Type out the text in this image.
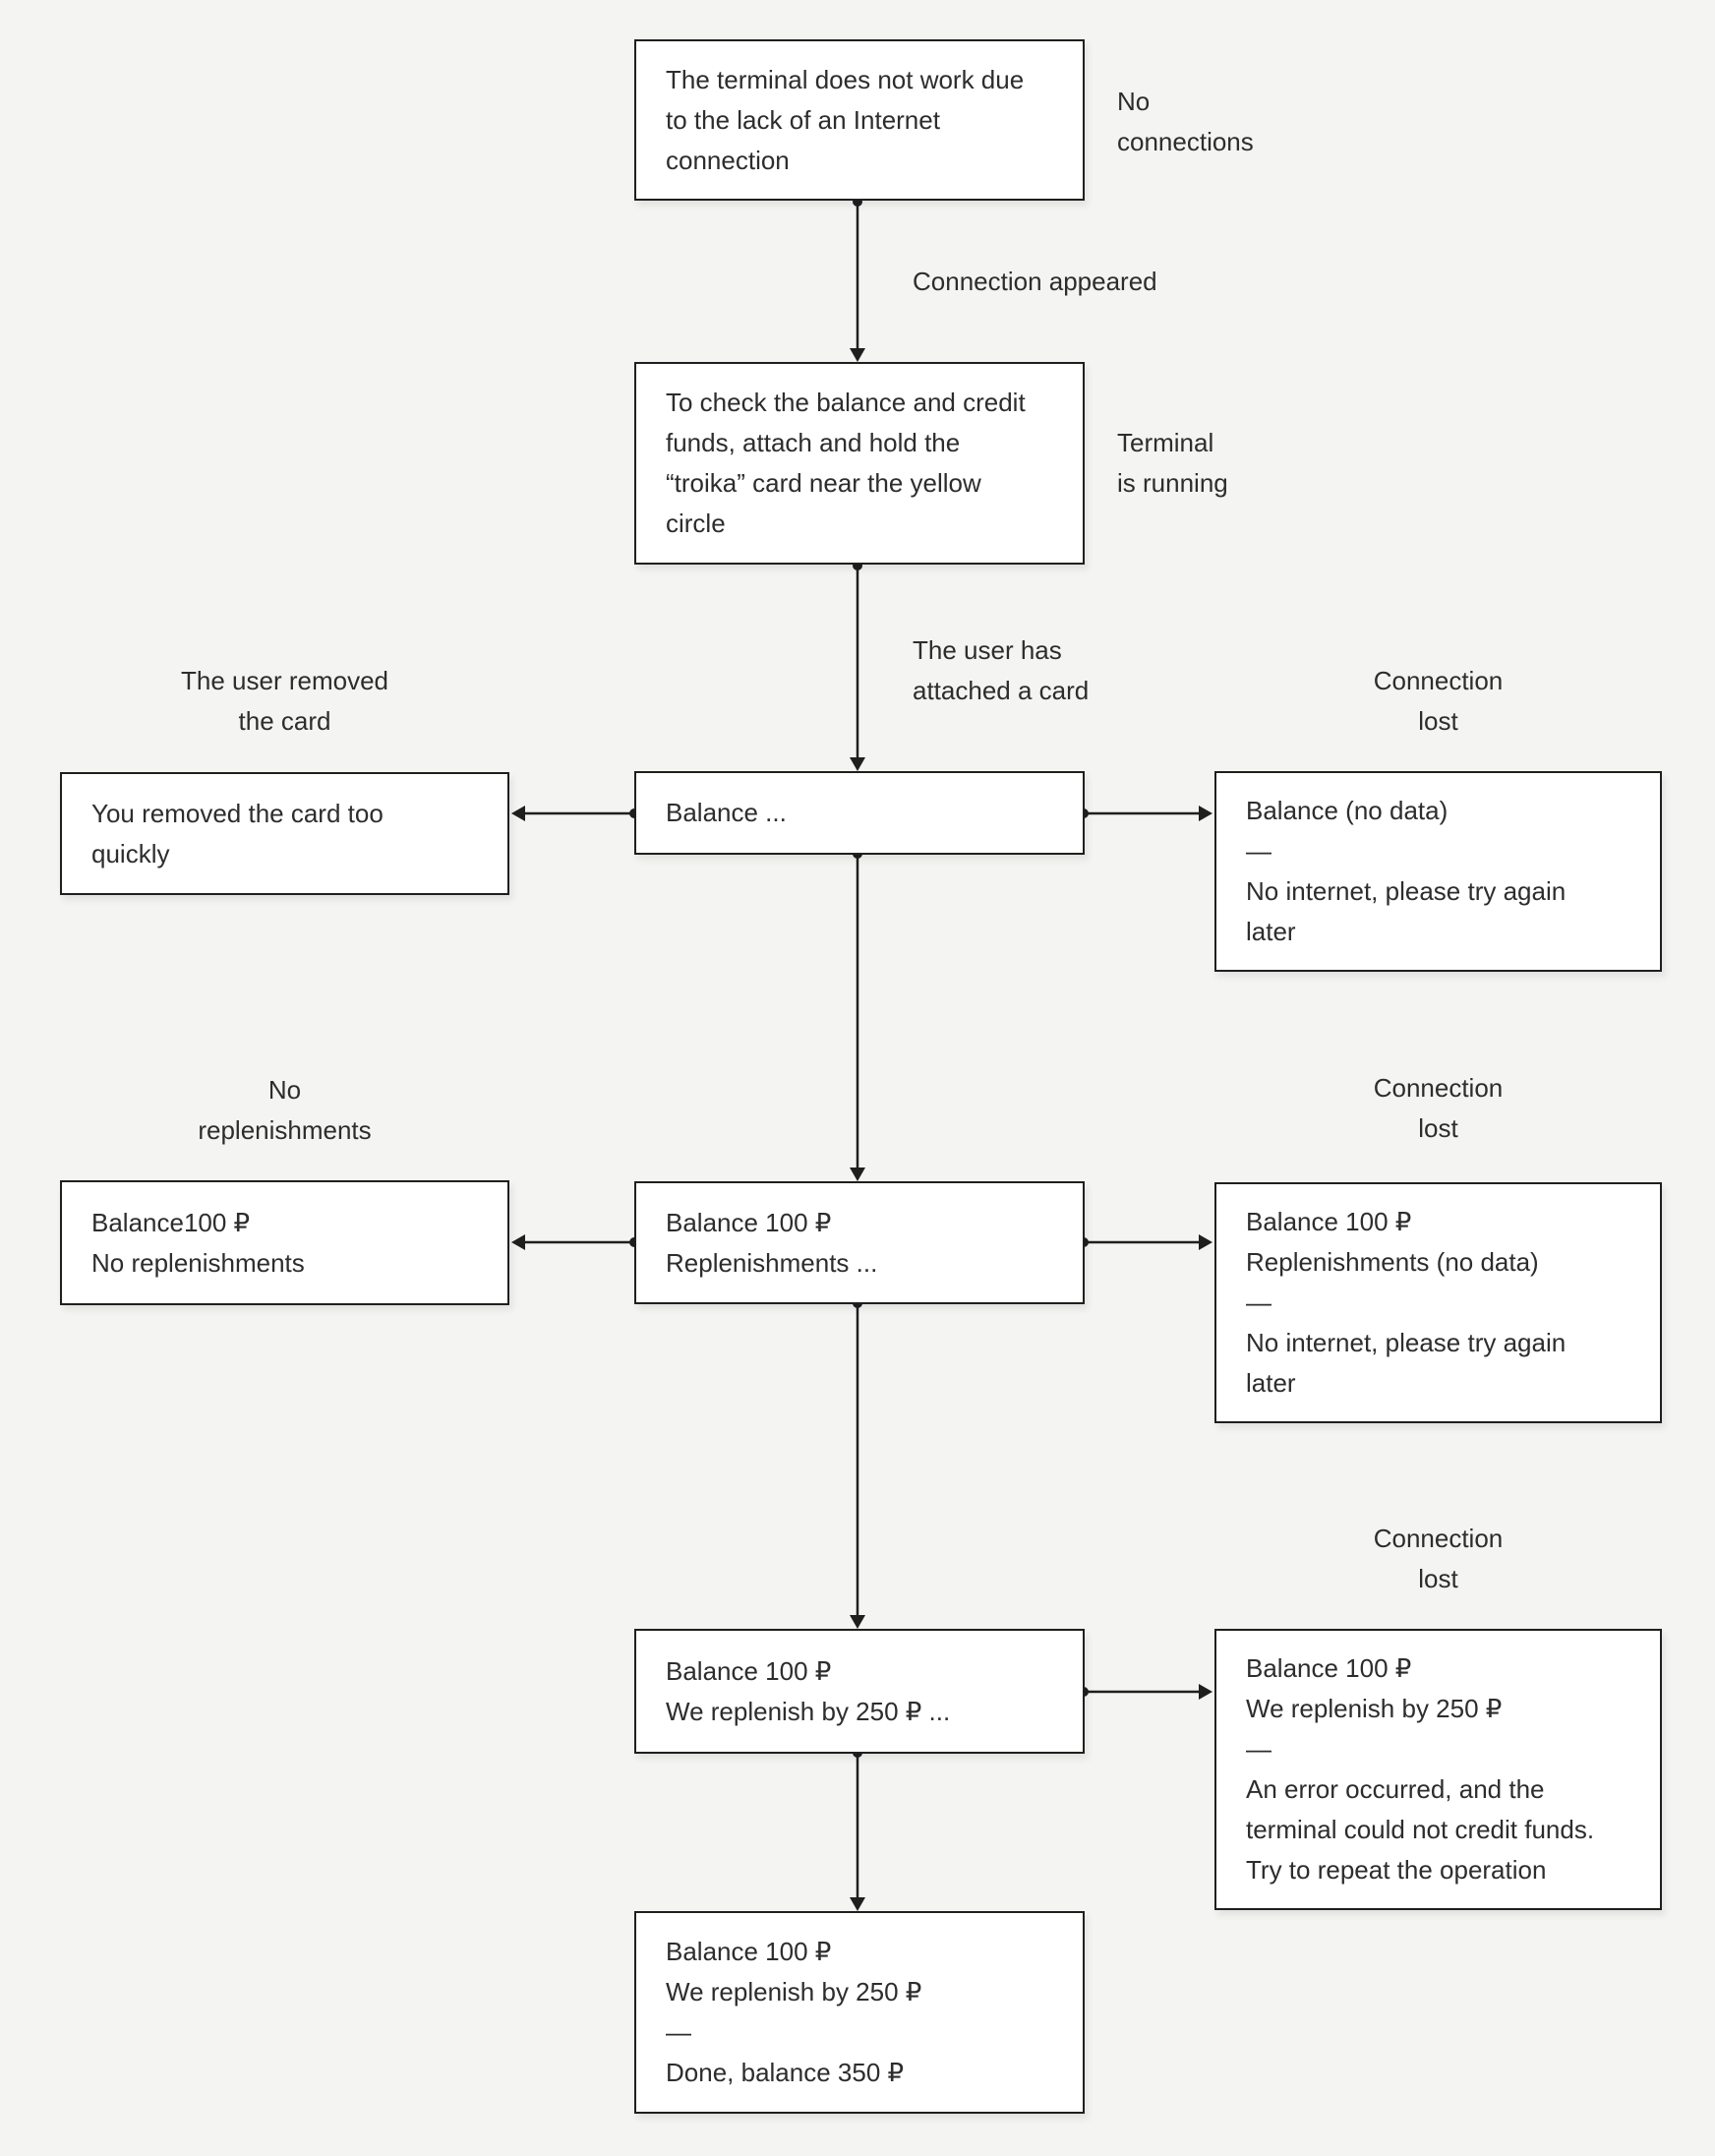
The terminal does not work due
to the lack of an Internet
connection
To check the balance and credit
funds, attach and hold the
“troika” card near the yellow
circle
Balance ...
You removed the card too
quickly
Balance (no data)
—
No internet, please try again
later
Balance 100 ₽
Replenishments ...
Balance100 ₽
No replenishments
Balance 100 ₽
Replenishments (no data)
—
No internet, please try again
later
Balance 100 ₽
We replenish by 250 ₽ ...
Balance 100 ₽
We replenish by 250 ₽
—
An error occurred, and the
terminal could not credit funds.
Try to repeat the operation
Balance 100 ₽
We replenish by 250 ₽
—
Done, balance 350 ₽
No
connections
Connection appeared
Terminal
is running
The user has
attached a card
The user removed
the card
Connection
lost
No
replenishments
Connection
lost
Connection
lost
